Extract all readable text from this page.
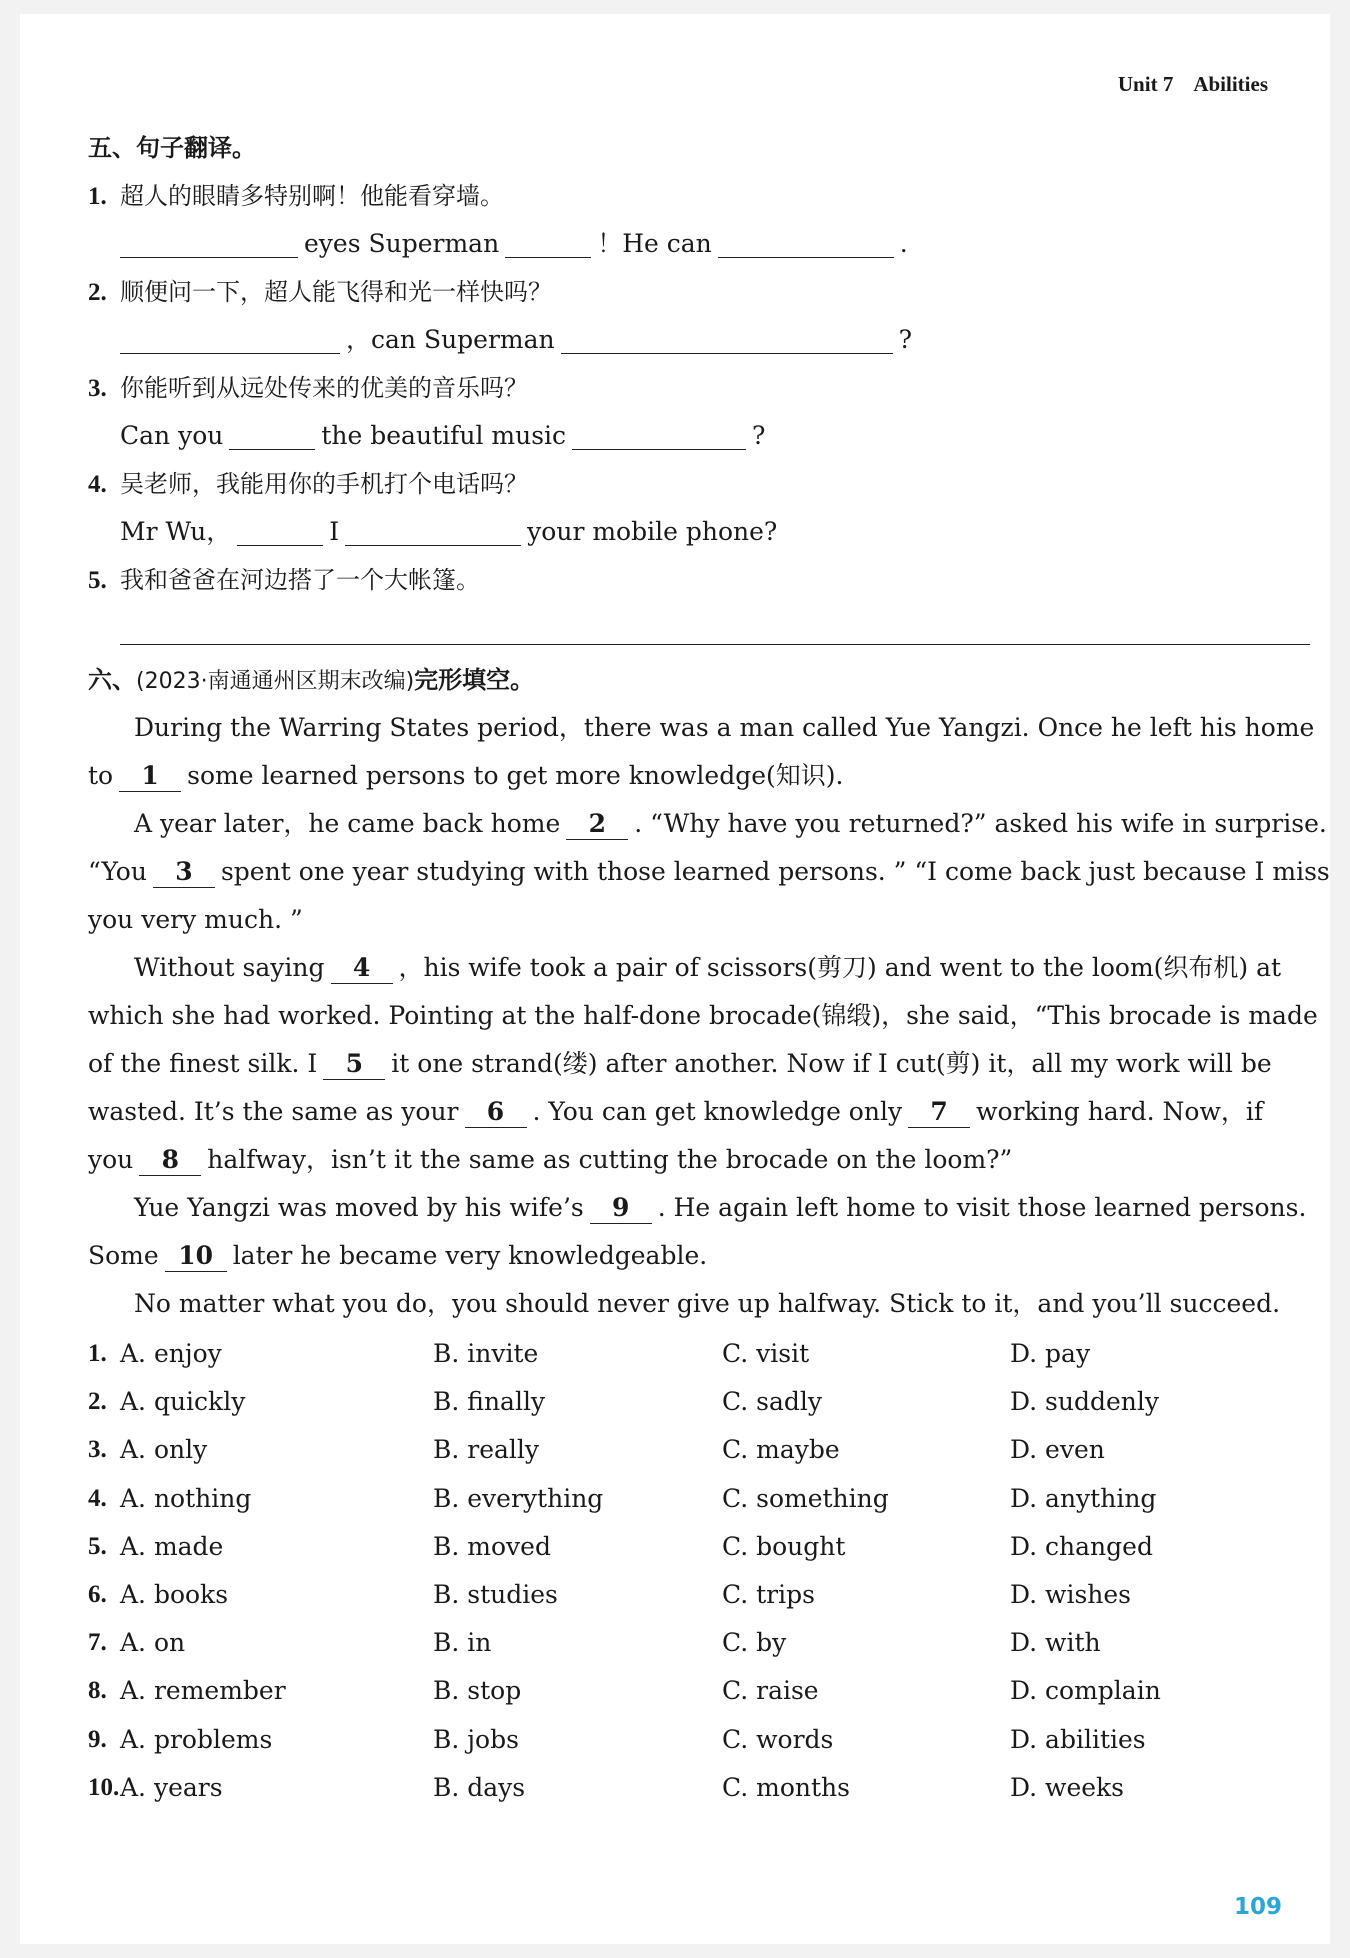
Unit 7 Abilities
五、句子翻译。
1. 超人的眼睛多特别啊！他能看穿墙。
eyes Superman	！He can	.
2. 顺便问一下，超人能飞得和光一样快吗？
，can Superman	?
3. 你能听到从远处传来的优美的音乐吗？
Can you	the beautiful music	?
4. 吴老师，我能用你的手机打个电话吗？
Mr Wu，	I	your mobile phone?
5. 我和爸爸在河边搭了一个大帐篷。
六、(2023·南通通州区期末改编)完形填空。
During the Warring States period，there was a man called Yue Yangzi. Once he left his home
to 1 some learned persons to get more knowledge(知识).
A year later，he came back home 2 . “Why have you returned?” asked his wife in surprise.
“You 3 spent one year studying with those learned persons. ” “I come back just because I miss
you very much. ”
Without saying 4 ，his wife took a pair of scissors(剪刀) and went to the loom(织布机) at
which she had worked. Pointing at the half-done brocade(锦缎)，she said，“This brocade is made
of the finest silk. I 5 it one strand(缕) after another. Now if I cut(剪) it，all my work will be
wasted. It’s the same as your 6 . You can get knowledge only 7 working hard. Now，if
you 8 halfway，isn’t it the same as cutting the brocade on the loom?”
Yue Yangzi was moved by his wife’s 9 . He again left home to visit those learned persons.
Some 10 later he became very knowledgeable.
No matter what you do，you should never give up halfway. Stick to it，and you’ll succeed.
1. A. enjoy	B. invite	C. visit	D. pay
2. A. quickly	B. finally	C. sadly	D. suddenly
3. A. only	B. really	C. maybe	D. even
4. A. nothing	B. everything	C. something	D. anything
5. A. made	B. moved	C. bought	D. changed
6. A. books	B. studies	C. trips	D. wishes
7. A. on	B. in	C. by	D. with
8. A. remember	B. stop	C. raise	D. complain
9. A. problems	B. jobs	C. words	D. abilities
10. A. years	B. days	C. months	D. weeks
109
